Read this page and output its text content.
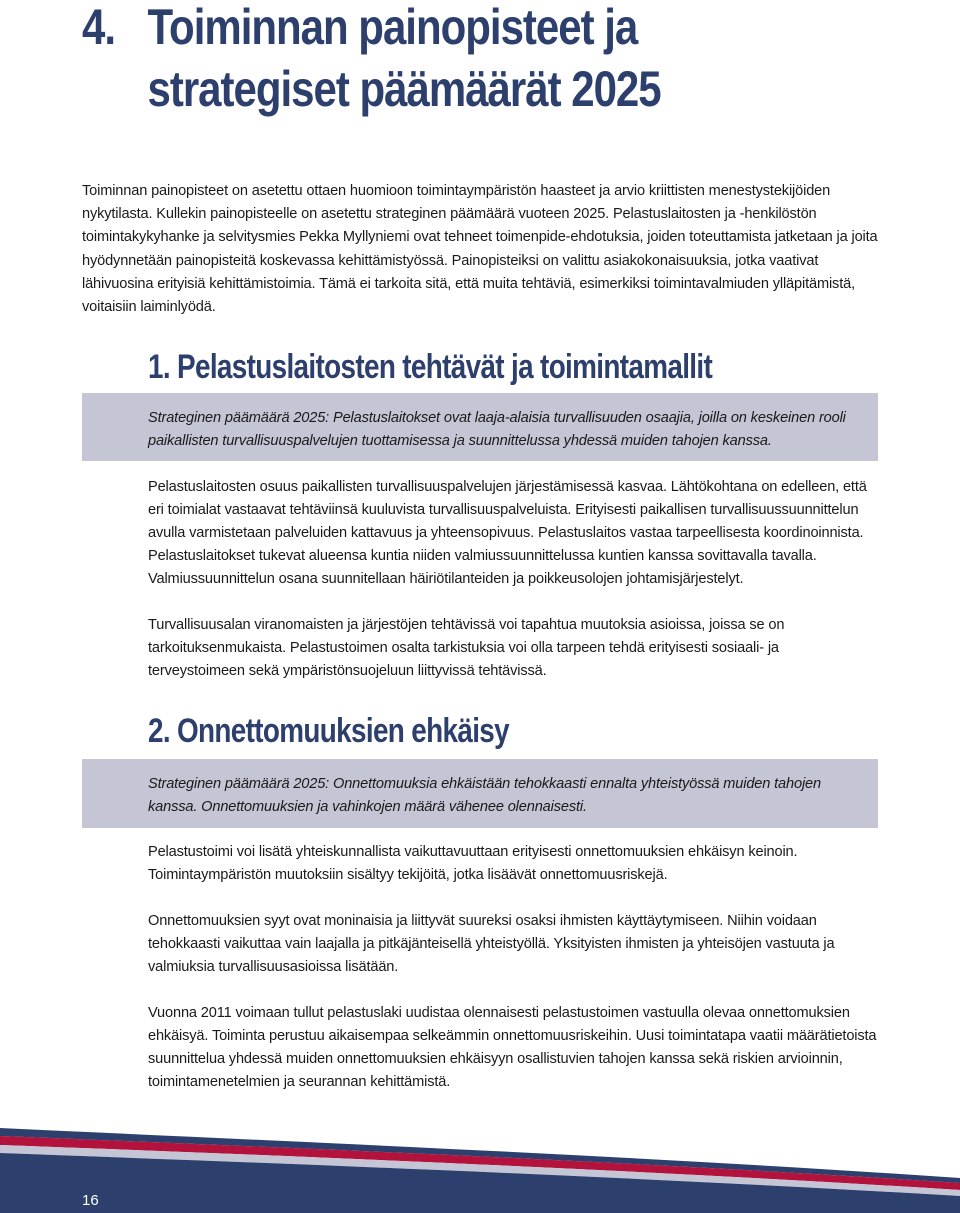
4. Toiminnan painopisteet ja
strategiset päämäärät 2025

Toiminnan painopisteet on asetettu ottaen huomioon toimintaympäristön haasteet ja arvio kriittisten menestystekijöiden nykytilasta. Kullekin painopisteelle on asetettu strateginen päämäärä vuoteen 2025. Pelastuslaitosten ja -henkilöstön toimintakykyhanke ja selvitysmies Pekka Myllyniemi ovat tehneet toimenpide-ehdotuksia, joiden toteuttamista jatketaan ja joita hyödynnetään painopisteitä koskevassa kehittämistyössä. Painopisteiksi on valittu asiakokonaisuuksia, jotka vaativat lähivuosina erityisiä kehittämistoimia. Tämä ei tarkoita sitä, että muita tehtäviä, esimerkiksi toimintavalmiuden ylläpitämistä, voitaisiin laiminlyödä.

1. Pelastuslaitosten tehtävät ja toimintamallit
Strateginen päämäärä 2025: Pelastuslaitokset ovat laaja-alaisia turvallisuuden osaajia, joilla on keskeinen rooli paikallisten turvallisuuspalvelujen tuottamisessa ja suunnittelussa yhdessä muiden tahojen kanssa.

Pelastuslaitosten osuus paikallisten turvallisuuspalvelujen järjestämisessä kasvaa. Lähtökohtana on edelleen, että eri toimialat vastaavat tehtäviinsä kuuluvista turvallisuuspalveluista. Erityisesti paikallisen turvallisuussuunnittelun avulla varmistetaan palveluiden kattavuus ja yhteensopivuus. Pelastuslaitos vastaa tarpeellisesta koordinoinnista. Pelastuslaitokset tukevat alueensa kuntia niiden valmiussuunnittelussa kuntien kanssa sovittavalla tavalla. Valmiussuunnittelun osana suunnitellaan häiriötilanteiden ja poikkeusolojen johtamisjärjestelyt.

Turvallisuusalan viranomaisten ja järjestöjen tehtävissä voi tapahtua muutoksia asioissa, joissa se on tarkoituksenmukaista. Pelastustoimen osalta tarkistuksia voi olla tarpeen tehdä erityisesti sosiaali- ja terveystoimeen sekä ympäristönsuojeluun liittyvissä tehtävissä.

2. Onnettomuuksien ehkäisy
Strateginen päämäärä 2025: Onnettomuuksia ehkäistään tehokkaasti ennalta yhteistyössä muiden tahojen kanssa. Onnettomuuksien ja vahinkojen määrä vähenee olennaisesti.

Pelastustoimi voi lisätä yhteiskunnallista vaikuttavuuttaan erityisesti onnettomuuksien ehkäisyn keinoin. Toimintaympäristön muutoksiin sisältyy tekijöitä, jotka lisäävät onnettomuusriskejä.

Onnettomuuksien syyt ovat moninaisia ja liittyvät suureksi osaksi ihmisten käyttäytymiseen. Niihin voidaan tehokkaasti vaikuttaa vain laajalla ja pitkäjänteisellä yhteistyöllä. Yksityisten ihmisten ja yhteisöjen vastuuta ja valmiuksia turvallisuusasioissa lisätään.

Vuonna 2011 voimaan tullut pelastuslaki uudistaa olennaisesti pelastustoimen vastuulla olevaa onnettomuksien ehkäisyä. Toiminta perustuu aikaisempaa selkeämmin onnettomuusriskeihin. Uusi toimintatapa vaatii määrätietoista suunnittelua yhdessä muiden onnettomuuksien ehkäisyyn osallistuvien tahojen kanssa sekä riskien arvioinnin, toimintamenetelmien ja seurannan kehittämistä.

16
